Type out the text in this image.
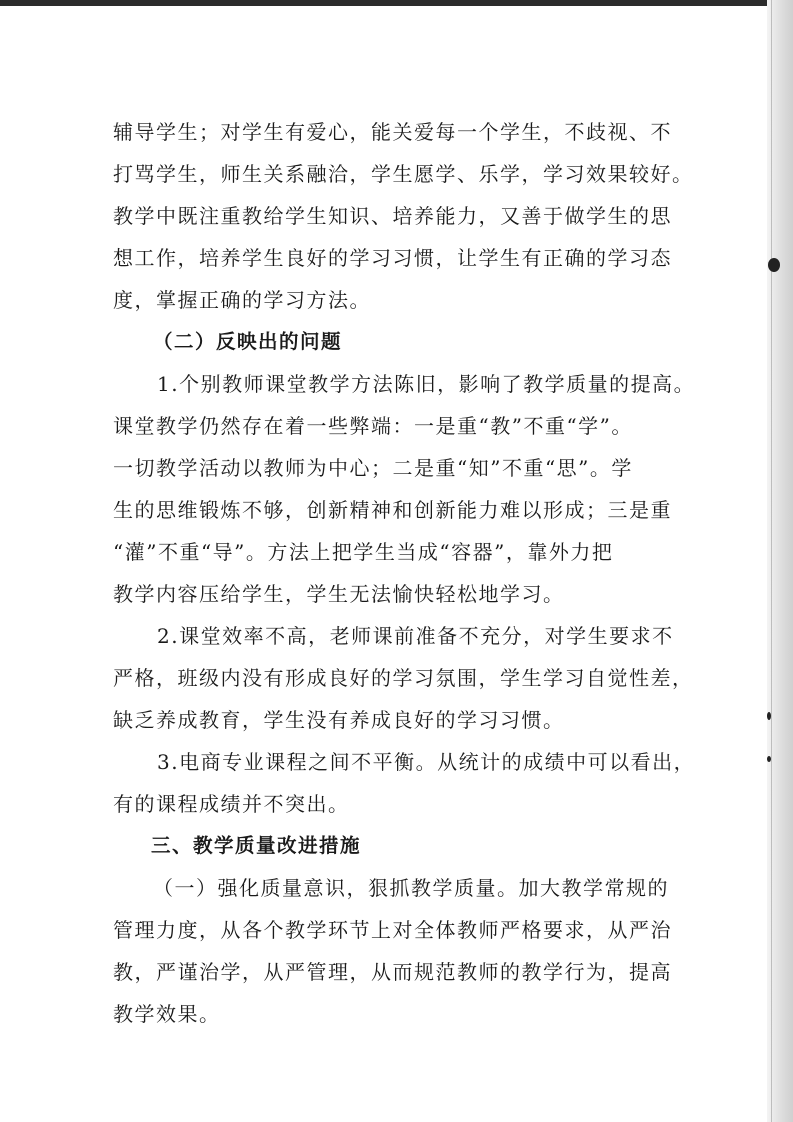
辅导学生；对学生有爱心，能关爱每一个学生，不歧视、不
打骂学生，师生关系融洽，学生愿学、乐学，学习效果较好。
教学中既注重教给学生知识、培养能力，又善于做学生的思
想工作，培养学生良好的学习习惯，让学生有正确的学习态
度，掌握正确的学习方法。
（二）反映出的问题
1.个别教师课堂教学方法陈旧，影响了教学质量的提高。
课堂教学仍然存在着一些弊端：一是重“教”不重“学”。
一切教学活动以教师为中心；二是重“知”不重“思”。学
生的思维锻炼不够，创新精神和创新能力难以形成；三是重
“灌”不重“导”。方法上把学生当成“容器”，靠外力把
教学内容压给学生，学生无法愉快轻松地学习。
2.课堂效率不高，老师课前准备不充分，对学生要求不
严格，班级内没有形成良好的学习氛围，学生学习自觉性差，
缺乏养成教育，学生没有养成良好的学习习惯。
3.电商专业课程之间不平衡。从统计的成绩中可以看出，
有的课程成绩并不突出。
三、教学质量改进措施
（一）强化质量意识，狠抓教学质量。加大教学常规的
管理力度，从各个教学环节上对全体教师严格要求，从严治
教，严谨治学，从严管理，从而规范教师的教学行为，提高
教学效果。
